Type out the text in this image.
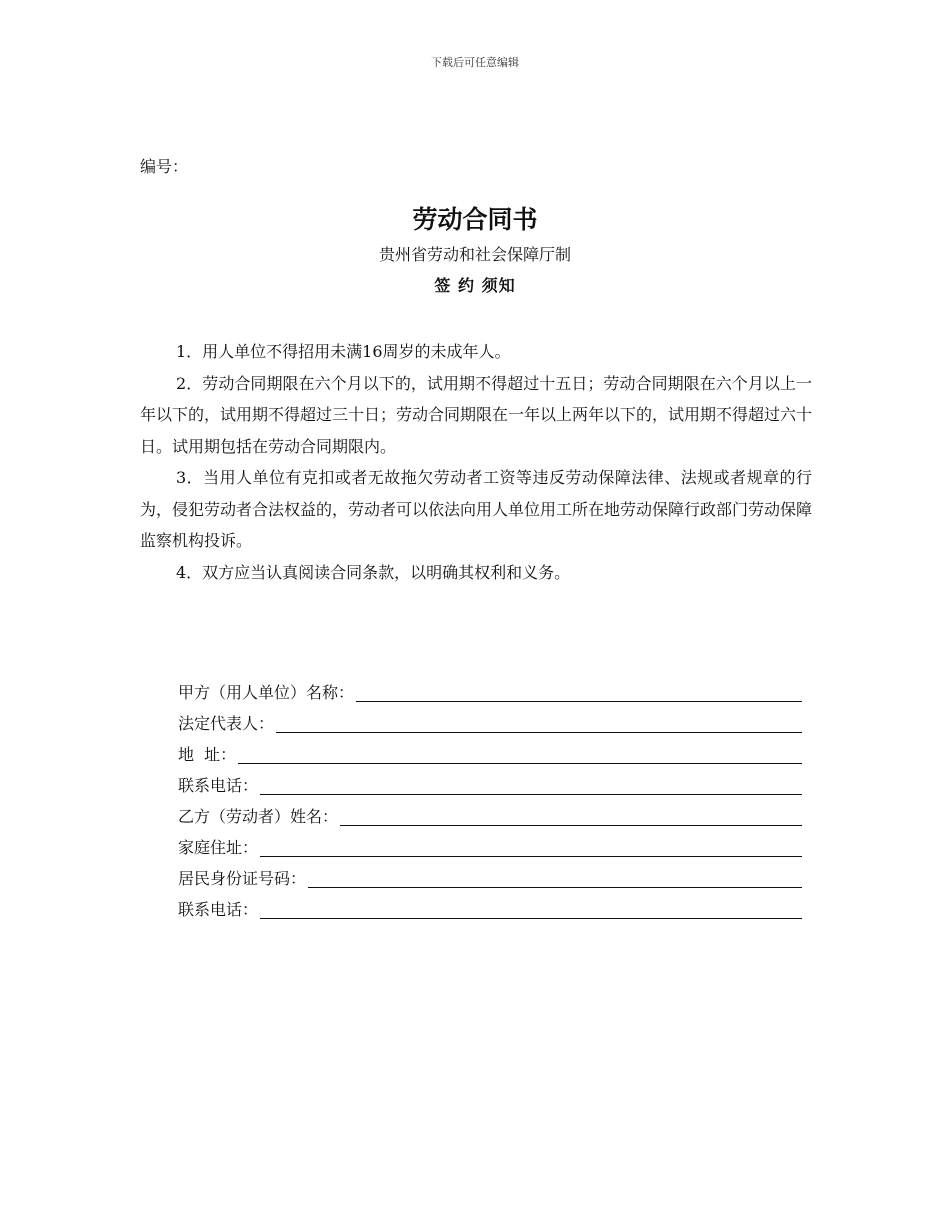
下载后可任意编辑
编号：
劳动合同书
贵州省劳动和社会保障厅制
签 约 须知

1．用人单位不得招用未满16周岁的未成年人。

2．劳动合同期限在六个月以下的，试用期不得超过十五日；劳动合同期限在六个月以上一年以下的，试用期不得超过三十日；劳动合同期限在一年以上两年以下的，试用期不得超过六十日。试用期包括在劳动合同期限内。

3．当用人单位有克扣或者无故拖欠劳动者工资等违反劳动保障法律、法规或者规章的行为，侵犯劳动者合法权益的，劳动者可以依法向用人单位用工所在地劳动保障行政部门劳动保障监察机构投诉。

4．双方应当认真阅读合同条款，以明确其权利和义务。

甲方（用人单位）名称：
法定代表人：
地  址：
联系电话：
乙方（劳动者）姓名：
家庭住址：
居民身份证号码：
联系电话：
